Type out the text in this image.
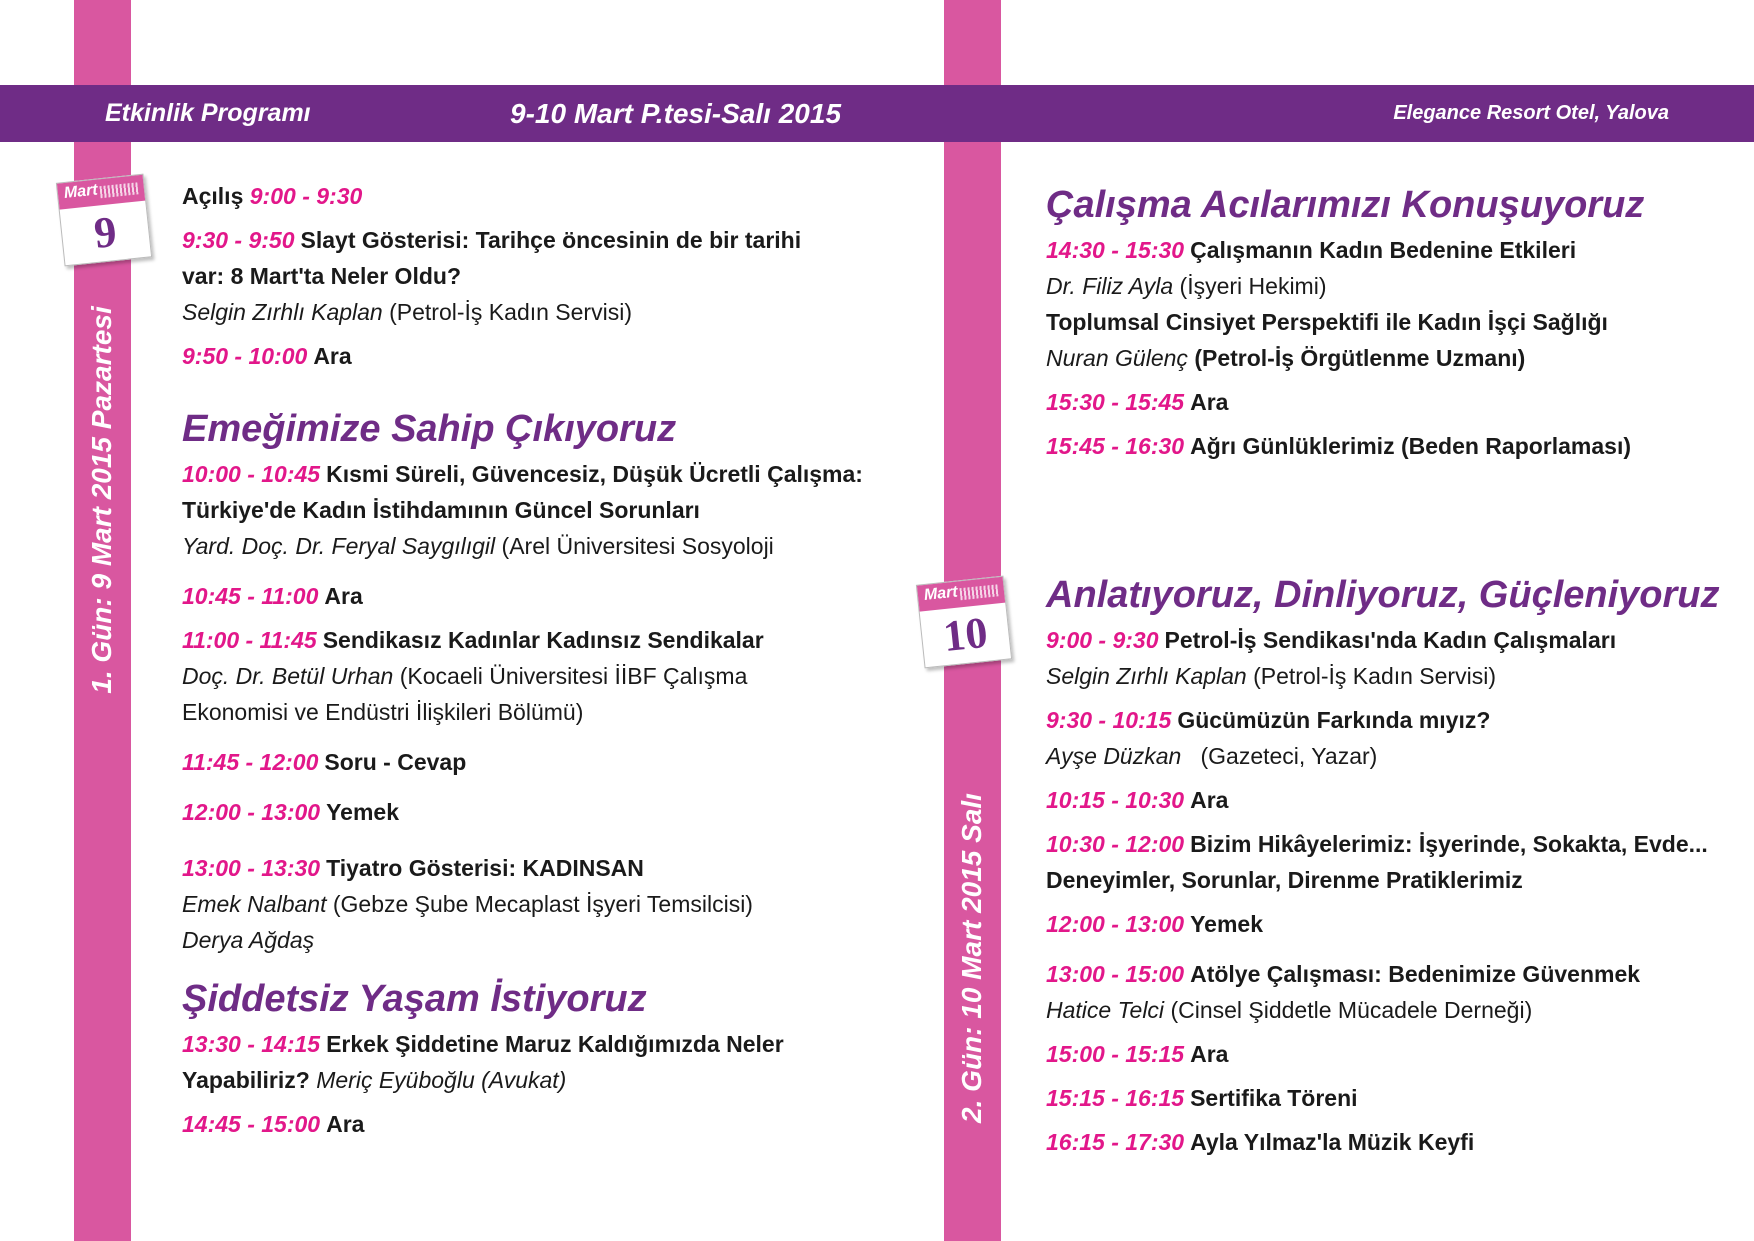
Etkinlik Programı	9-10 Mart P.tesi-Salı 2015	Elegance Resort Otel, Yalova
1. Gün: 9 Mart 2015 Pazartesi
2. Gün: 10 Mart 2015 Salı
Mart
9
Mart
10
Açılış 9:00 - 9:30
9:30 - 9:50 Slayt Gösterisi: Tarihçe öncesinin de bir tarihi
var: 8 Mart'ta Neler Oldu?
Selgin Zırhlı Kaplan (Petrol-İş Kadın Servisi)
9:50 - 10:00 Ara
Emeğimize Sahip Çıkıyoruz
10:00 - 10:45 Kısmi Süreli, Güvencesiz, Düşük Ücretli Çalışma:
Türkiye'de Kadın İstihdamının Güncel Sorunları
Yard. Doç. Dr. Feryal Saygılıgil (Arel Üniversitesi Sosyoloji
10:45 - 11:00 Ara
11:00 - 11:45 Sendikasız Kadınlar Kadınsız Sendikalar
Doç. Dr. Betül Urhan (Kocaeli Üniversitesi İİBF Çalışma
Ekonomisi ve Endüstri İlişkileri Bölümü)
11:45 - 12:00 Soru - Cevap
12:00 - 13:00 Yemek
13:00 - 13:30 Tiyatro Gösterisi: KADINSAN
Emek Nalbant (Gebze Şube Mecaplast İşyeri Temsilcisi)
Derya Ağdaş
Şiddetsiz Yaşam İstiyoruz
13:30 - 14:15 Erkek Şiddetine Maruz Kaldığımızda Neler
Yapabiliriz? Meriç Eyüboğlu (Avukat)
14:45 - 15:00 Ara
Çalışma Acılarımızı Konuşuyoruz
14:30 - 15:30 Çalışmanın Kadın Bedenine Etkileri
Dr. Filiz Ayla (İşyeri Hekimi)
Toplumsal Cinsiyet Perspektifi ile Kadın İşçi Sağlığı
Nuran Gülenç (Petrol-İş Örgütlenme Uzmanı)
15:30 - 15:45 Ara
15:45 - 16:30 Ağrı Günlüklerimiz (Beden Raporlaması)
Anlatıyoruz, Dinliyoruz, Güçleniyoruz
9:00 - 9:30 Petrol-İş Sendikası'nda Kadın Çalışmaları
Selgin Zırhlı Kaplan (Petrol-İş Kadın Servisi)
9:30 - 10:15 Gücümüzün Farkında mıyız?
Ayşe Düzkan (Gazeteci, Yazar)
10:15 - 10:30 Ara
10:30 - 12:00 Bizim Hikâyelerimiz: İşyerinde, Sokakta, Evde...
Deneyimler, Sorunlar, Direnme Pratiklerimiz
12:00 - 13:00 Yemek
13:00 - 15:00 Atölye Çalışması: Bedenimize Güvenmek
Hatice Telci (Cinsel Şiddetle Mücadele Derneği)
15:00 - 15:15 Ara
15:15 - 16:15 Sertifika Töreni
16:15 - 17:30 Ayla Yılmaz'la Müzik Keyfi
